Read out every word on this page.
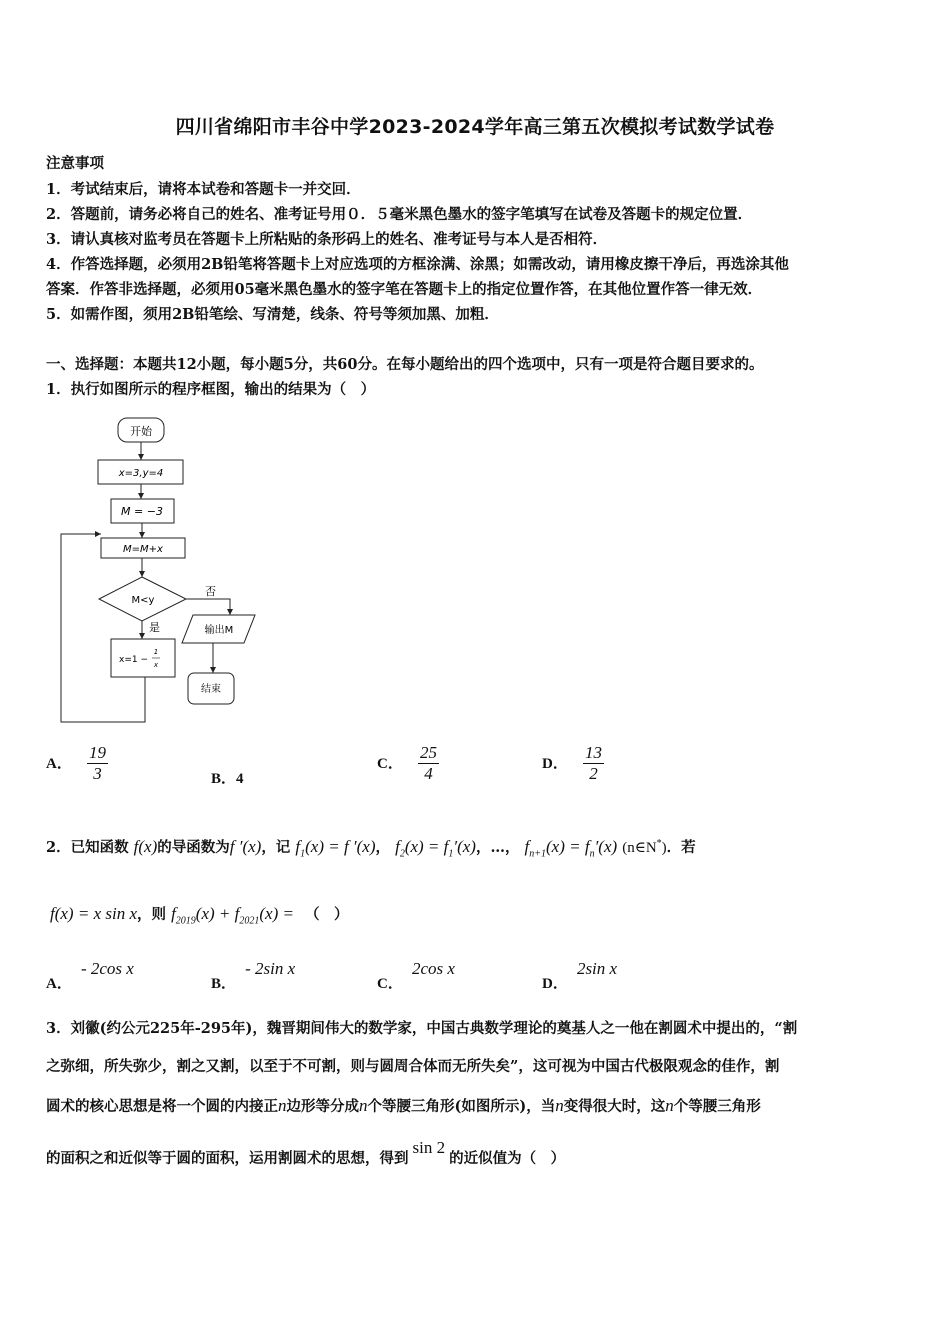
四川省绵阳市丰谷中学2023-2024学年高三第五次模拟考试数学试卷
注意事项
1．考试结束后，请将本试卷和答题卡一并交回．
2．答题前，请务必将自己的姓名、准考证号用０．５毫米黑色墨水的签字笔填写在试卷及答题卡的规定位置．
3．请认真核对监考员在答题卡上所粘贴的条形码上的姓名、准考证号与本人是否相符．
4．作答选择题，必须用2B铅笔将答题卡上对应选项的方框涂满、涂黑；如需改动，请用橡皮擦干净后，再选涂其他
答案．作答非选择题，必须用05毫米黑色墨水的签字笔在答题卡上的指定位置作答，在其他位置作答一律无效．
5．如需作图，须用2B铅笔绘、写清楚，线条、符号等须加黑、加粗．
一、选择题：本题共12小题，每小题5分，共60分。在每小题给出的四个选项中，只有一项是符合题目要求的。
1．执行如图所示的程序框图，输出的结果为（　）
开始
x=3,y=4
M = −3
M=M+x
M<y
否
是	输出M
x=1 −
1
x
结束
A． $\frac{19}{3}$	B．4
C． $\frac{25}{4}$	D． $\frac{13}{2}$
2．已知函数 f(x)的导函数为f ′(x)，记 $f_1(x) = f$ ′(x)， $f_2(x) = f_1'(x)$，…， $f_{n+1}(x) = f_n'(x)$ (n∈N*)．若
f(x) = x sin x，则 $f_{2019}(x) + f_{2021}(x)$ = （　）
A． - 2cos x
B． - 2sin x
C． 2cos x
D． 2sin x
3．刘徽(约公元225年-295年)，魏晋期间伟大的数学家，中国古典数学理论的奠基人之一他在割圆术中提出的，“割
之弥细，所失弥少，割之又割，以至于不可割，则与圆周合体而无所失矣”，这可视为中国古代极限观念的佳作，割
圆术的核心思想是将一个圆的内接正n边形等分成n个等腰三角形(如图所示)，当n变得很大时，这n个等腰三角形
的面积之和近似等于圆的面积，运用割圆术的思想，得到sin 2的近似值为（　）
